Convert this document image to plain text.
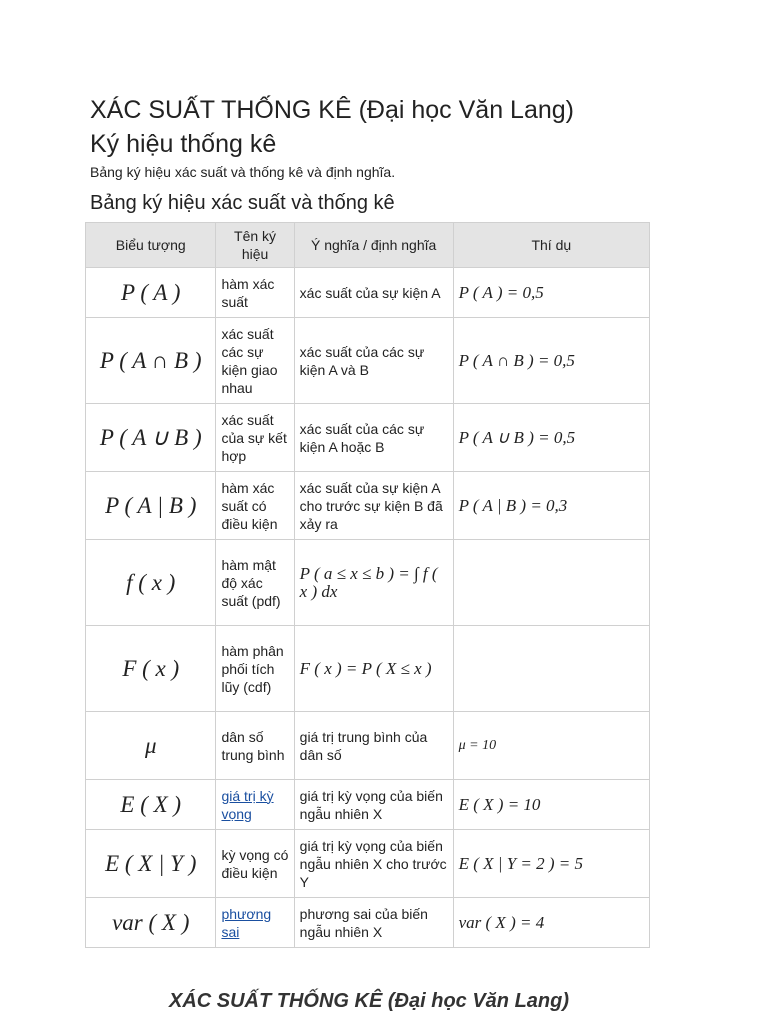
XÁC SUẤT THỐNG KÊ (Đại học Văn Lang)
Ký hiệu thống kê

Bảng ký hiệu xác suất và thống kê và định nghĩa.

Bảng ký hiệu xác suất và thống kê
Biểu tượng	Tên ký hiệu	Ý nghĩa / định nghĩa	Thí dụ
P ( A )	hàm xác suất	xác suất của sự kiện A	P ( A ) = 0,5
P ( A ∩ B )	xác suất các sự kiện giao nhau	xác suất của các sự kiện A và B	P ( A ∩ B ) = 0,5
P ( A ∪ B )	xác suất của sự kết hợp	xác suất của các sự kiện A hoặc B	P ( A ∪ B ) = 0,5
P ( A | B )	hàm xác suất có điều kiện	xác suất của sự kiện A cho trước sự kiện B đã xảy ra	P ( A | B ) = 0,3
f ( x )	hàm mật độ xác suất (pdf)	P ( a ≤ x ≤ b ) = ∫ f ( x ) dx	
F ( x )	hàm phân phối tích lũy (cdf)	F ( x ) = P ( X ≤ x )	
μ	dân số trung bình	giá trị trung bình của dân số	μ = 10
E ( X )	giá trị kỳ vọng	giá trị kỳ vọng của biến ngẫu nhiên X	E ( X ) = 10
E ( X | Y )	kỳ vọng có điều kiện	giá trị kỳ vọng của biến ngẫu nhiên X cho trước Y	E ( X | Y = 2 ) = 5
var ( X )	phương sai	phương sai của biến ngẫu nhiên X	var ( X ) = 4
XÁC SUẤT THỐNG KÊ (Đại học Văn Lang)
